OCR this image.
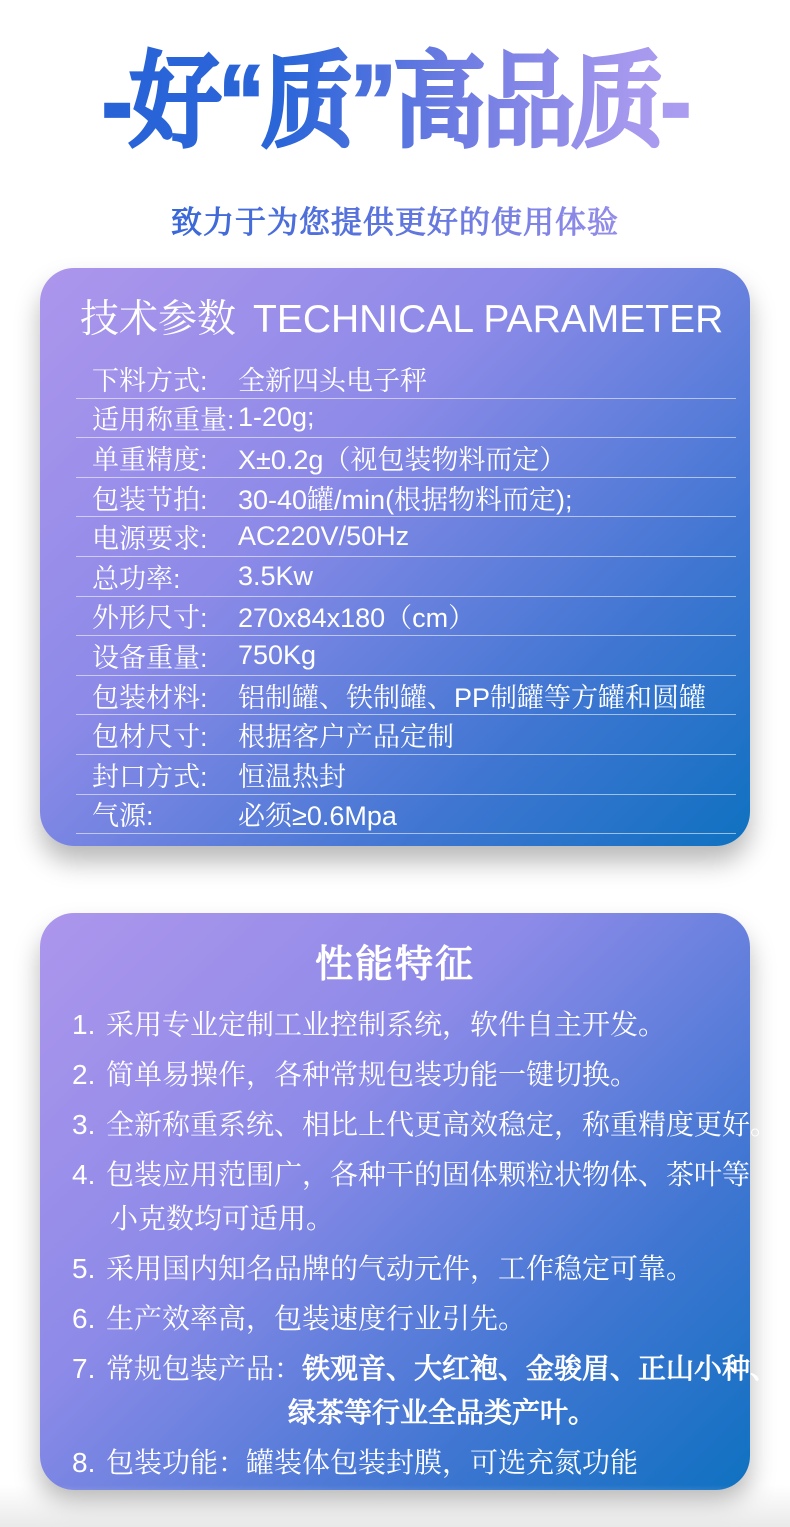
-好“质”高品质-
致力于为您提供更好的使用体验
技术参数 TECHNICAL PARAMETER
下料方式:	全新四头电子秤
适用称重量: 1-20g;
单重精度:	X±0.2g（视包装物料而定）
包装节拍:	30-40罐/min(根据物料而定);
电源要求:	AC220V/50Hz
总功率:	3.5Kw
外形尺寸:	270x84x180（cm）
设备重量:	750Kg
包装材料:	铝制罐、铁制罐、PP制罐等方罐和圆罐
包材尺寸:	根据客户产品定制
封口方式:	恒温热封
气源:	必须≥0.6Mpa
性能特征
1. 采用专业定制工业控制系统，软件自主开发。
2. 简单易操作，各种常规包装功能一键切换。
3. 全新称重系统、相比上代更高效稳定，称重精度更好。
4. 包装应用范围广，各种干的固体颗粒状物体、茶叶等
小克数均可适用。
5. 采用国内知名品牌的气动元件，工作稳定可靠。
6. 生产效率高，包装速度行业引先。
7. 常规包装产品：铁观音、大红袍、金骏眉、正山小种、
绿茶等行业全品类产叶。
8. 包装功能：罐装体包装封膜，可选充氮功能
